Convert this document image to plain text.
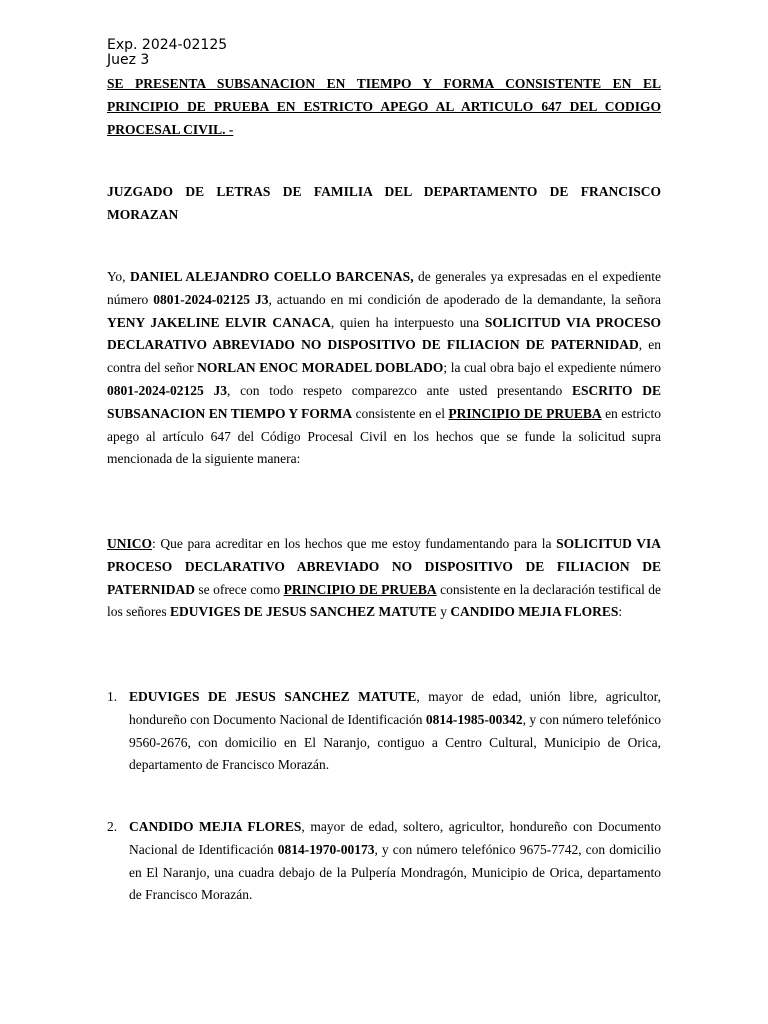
Exp. 2024-02125
Juez 3

SE PRESENTA SUBSANACION EN TIEMPO Y FORMA CONSISTENTE EN EL PRINCIPIO DE PRUEBA EN ESTRICTO APEGO AL ARTICULO 647 DEL CODIGO PROCESAL CIVIL. -

JUZGADO DE LETRAS DE FAMILIA DEL DEPARTAMENTO DE FRANCISCO MORAZAN

Yo, DANIEL ALEJANDRO COELLO BARCENAS, de generales ya expresadas en el expediente número 0801-2024-02125 J3, actuando en mi condición de apoderado de la demandante, la señora YENY JAKELINE ELVIR CANACA, quien ha interpuesto una SOLICITUD VIA PROCESO DECLARATIVO ABREVIADO NO DISPOSITIVO DE FILIACION DE PATERNIDAD, en contra del señor NORLAN ENOC MORADEL DOBLADO; la cual obra bajo el expediente número 0801-2024-02125 J3, con todo respeto comparezco ante usted presentando ESCRITO DE SUBSANACION EN TIEMPO Y FORMA consistente en el PRINCIPIO DE PRUEBA en estricto apego al artículo 647 del Código Procesal Civil en los hechos que se funde la solicitud supra mencionada de la siguiente manera:

UNICO: Que para acreditar en los hechos que me estoy fundamentando para la SOLICITUD VIA PROCESO DECLARATIVO ABREVIADO NO DISPOSITIVO DE FILIACION DE PATERNIDAD se ofrece como PRINCIPIO DE PRUEBA consistente en la declaración testifical de los señores EDUVIGES DE JESUS SANCHEZ MATUTE y CANDIDO MEJIA FLORES:

1. EDUVIGES DE JESUS SANCHEZ MATUTE, mayor de edad, unión libre, agricultor, hondureño con Documento Nacional de Identificación 0814-1985-00342, y con número telefónico 9560-2676, con domicilio en El Naranjo, contiguo a Centro Cultural, Municipio de Orica, departamento de Francisco Morazán.

2. CANDIDO MEJIA FLORES, mayor de edad, soltero, agricultor, hondureño con Documento Nacional de Identificación 0814-1970-00173, y con número telefónico 9675-7742, con domicilio en El Naranjo, una cuadra debajo de la Pulpería Mondragón, Municipio de Orica, departamento de Francisco Morazán.
